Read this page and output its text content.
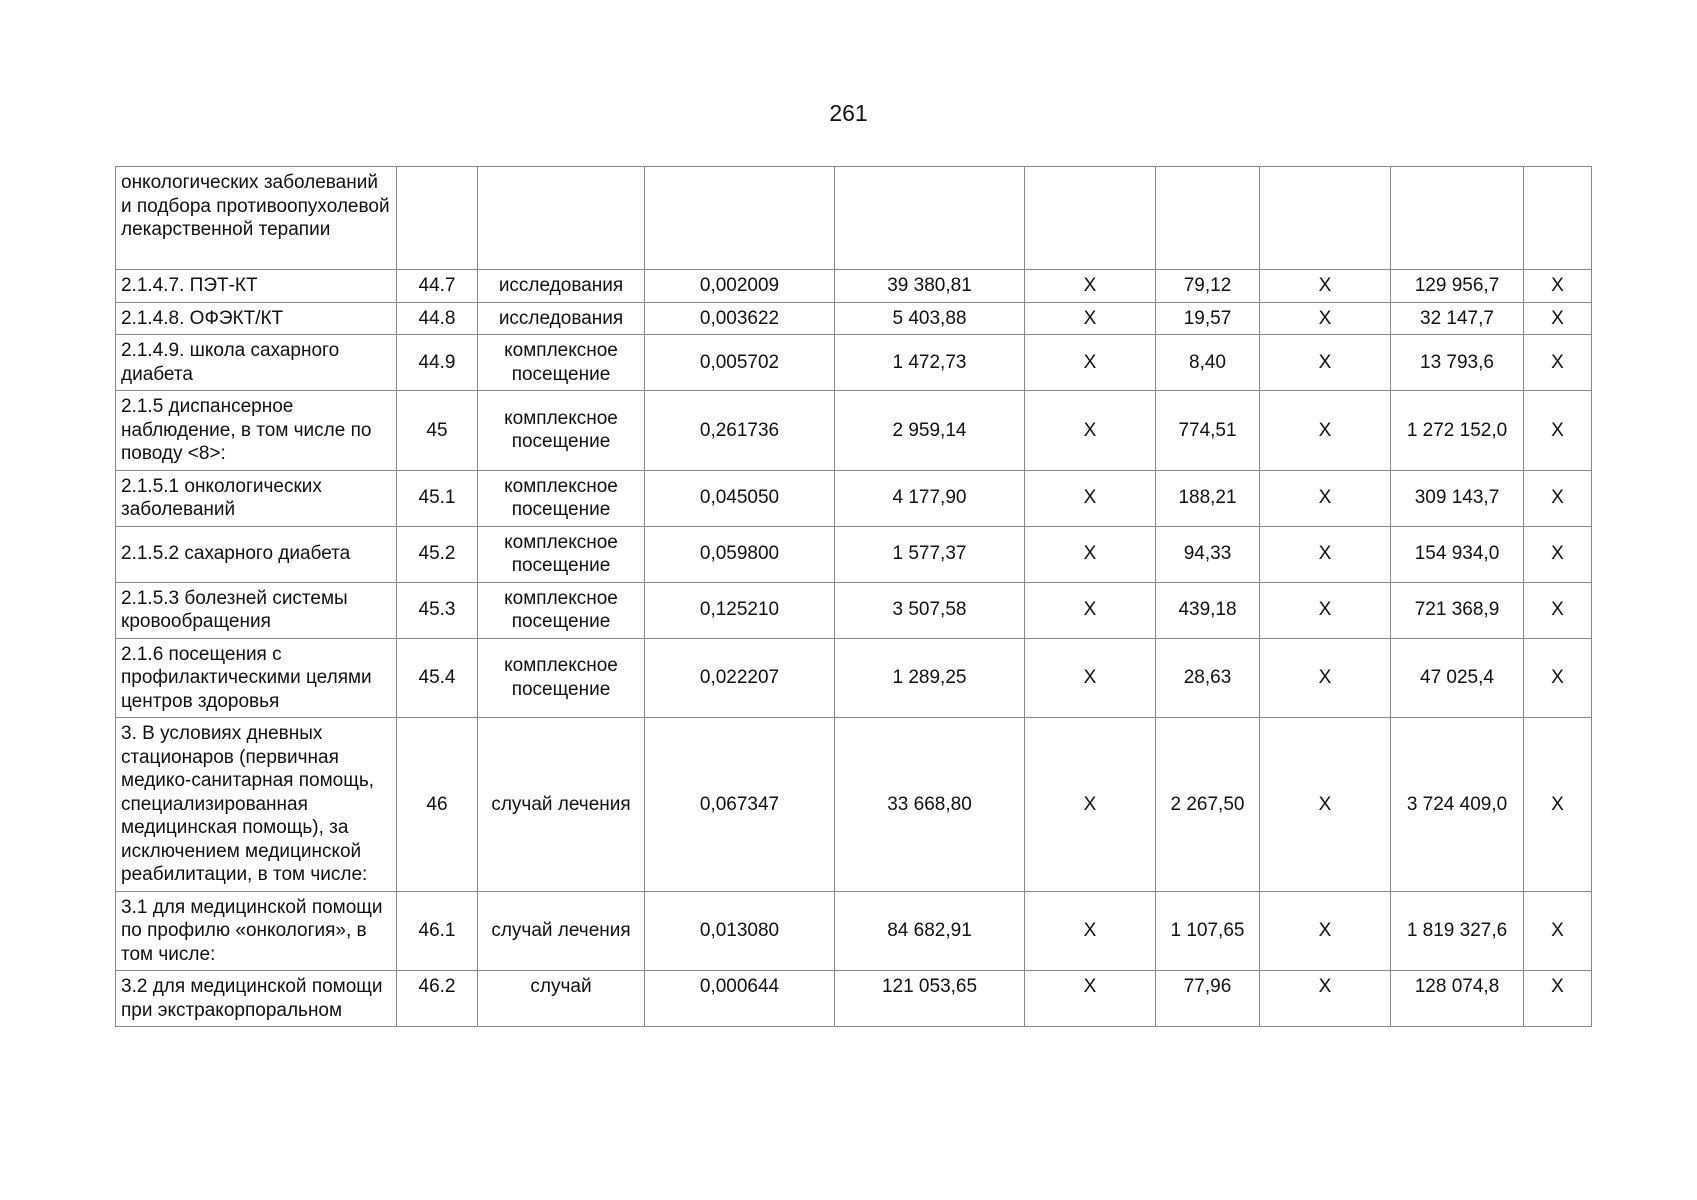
261
онкологических заболеваний и подбора противоопухолевой лекарственной терапии									
2.1.4.7. ПЭТ-КТ	44.7	исследования	0,002009	39 380,81	X	79,12	X	129 956,7	X
2.1.4.8. ОФЭКТ/КТ	44.8	исследования	0,003622	5 403,88	X	19,57	X	32 147,7	X
2.1.4.9. школа сахарного диабета	44.9	комплексное посещение	0,005702	1 472,73	X	8,40	X	13 793,6	X
2.1.5 диспансерное наблюдение, в том числе по поводу <8>:	45	комплексное посещение	0,261736	2 959,14	X	774,51	X	1 272 152,0	X
2.1.5.1 онкологических заболеваний	45.1	комплексное посещение	0,045050	4 177,90	X	188,21	X	309 143,7	X
2.1.5.2 сахарного диабета	45.2	комплексное посещение	0,059800	1 577,37	X	94,33	X	154 934,0	X
2.1.5.3 болезней системы кровообращения	45.3	комплексное посещение	0,125210	3 507,58	X	439,18	X	721 368,9	X
2.1.6 посещения с профилактическими целями центров здоровья	45.4	комплексное посещение	0,022207	1 289,25	X	28,63	X	47 025,4	X
3. В условиях дневных стационаров (первичная медико-санитарная помощь, специализированная медицинская помощь), за исключением медицинской реабилитации, в том числе:	46	случай лечения	0,067347	33 668,80	X	2 267,50	X	3 724 409,0	X
3.1 для медицинской помощи по профилю «онкология», в том числе:	46.1	случай лечения	0,013080	84 682,91	X	1 107,65	X	1 819 327,6	X
3.2 для медицинской помощи при экстракорпоральном	46.2	случай	0,000644	121 053,65	X	77,96	X	128 074,8	X
